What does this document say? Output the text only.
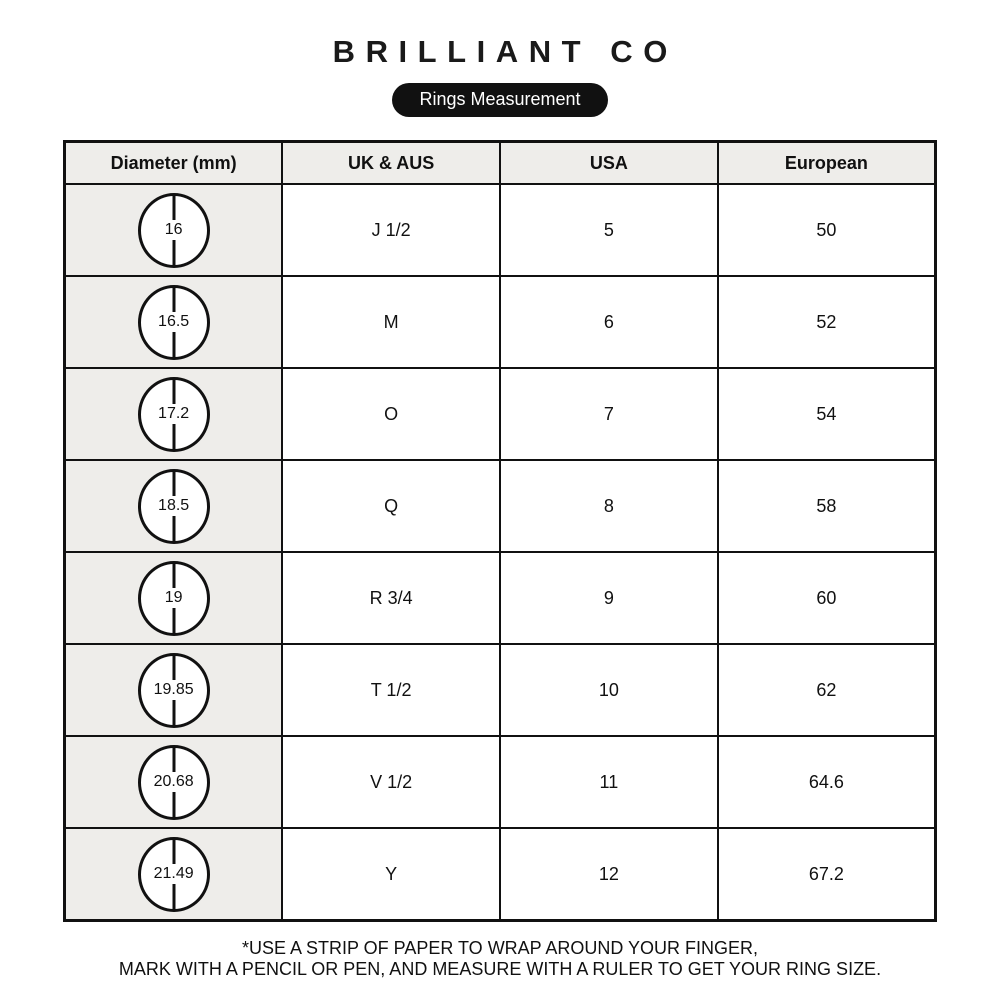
BRILLIANT CO
Rings Measurement
Diameter (mm)	UK & AUS	USA	European

16	J 1/2	5	50

16.5	M	6	52

17.2	O	7	54

18.5	Q	8	58

19	R 3/4	9	60

19.85	T 1/2	10	62

20.68	V 1/2	11	64.6

21.49	Y	12	67.2

*USE A STRIP OF PAPER TO WRAP AROUND YOUR FINGER,

MARK WITH A PENCIL OR PEN, AND MEASURE WITH A RULER TO GET YOUR RING SIZE.
